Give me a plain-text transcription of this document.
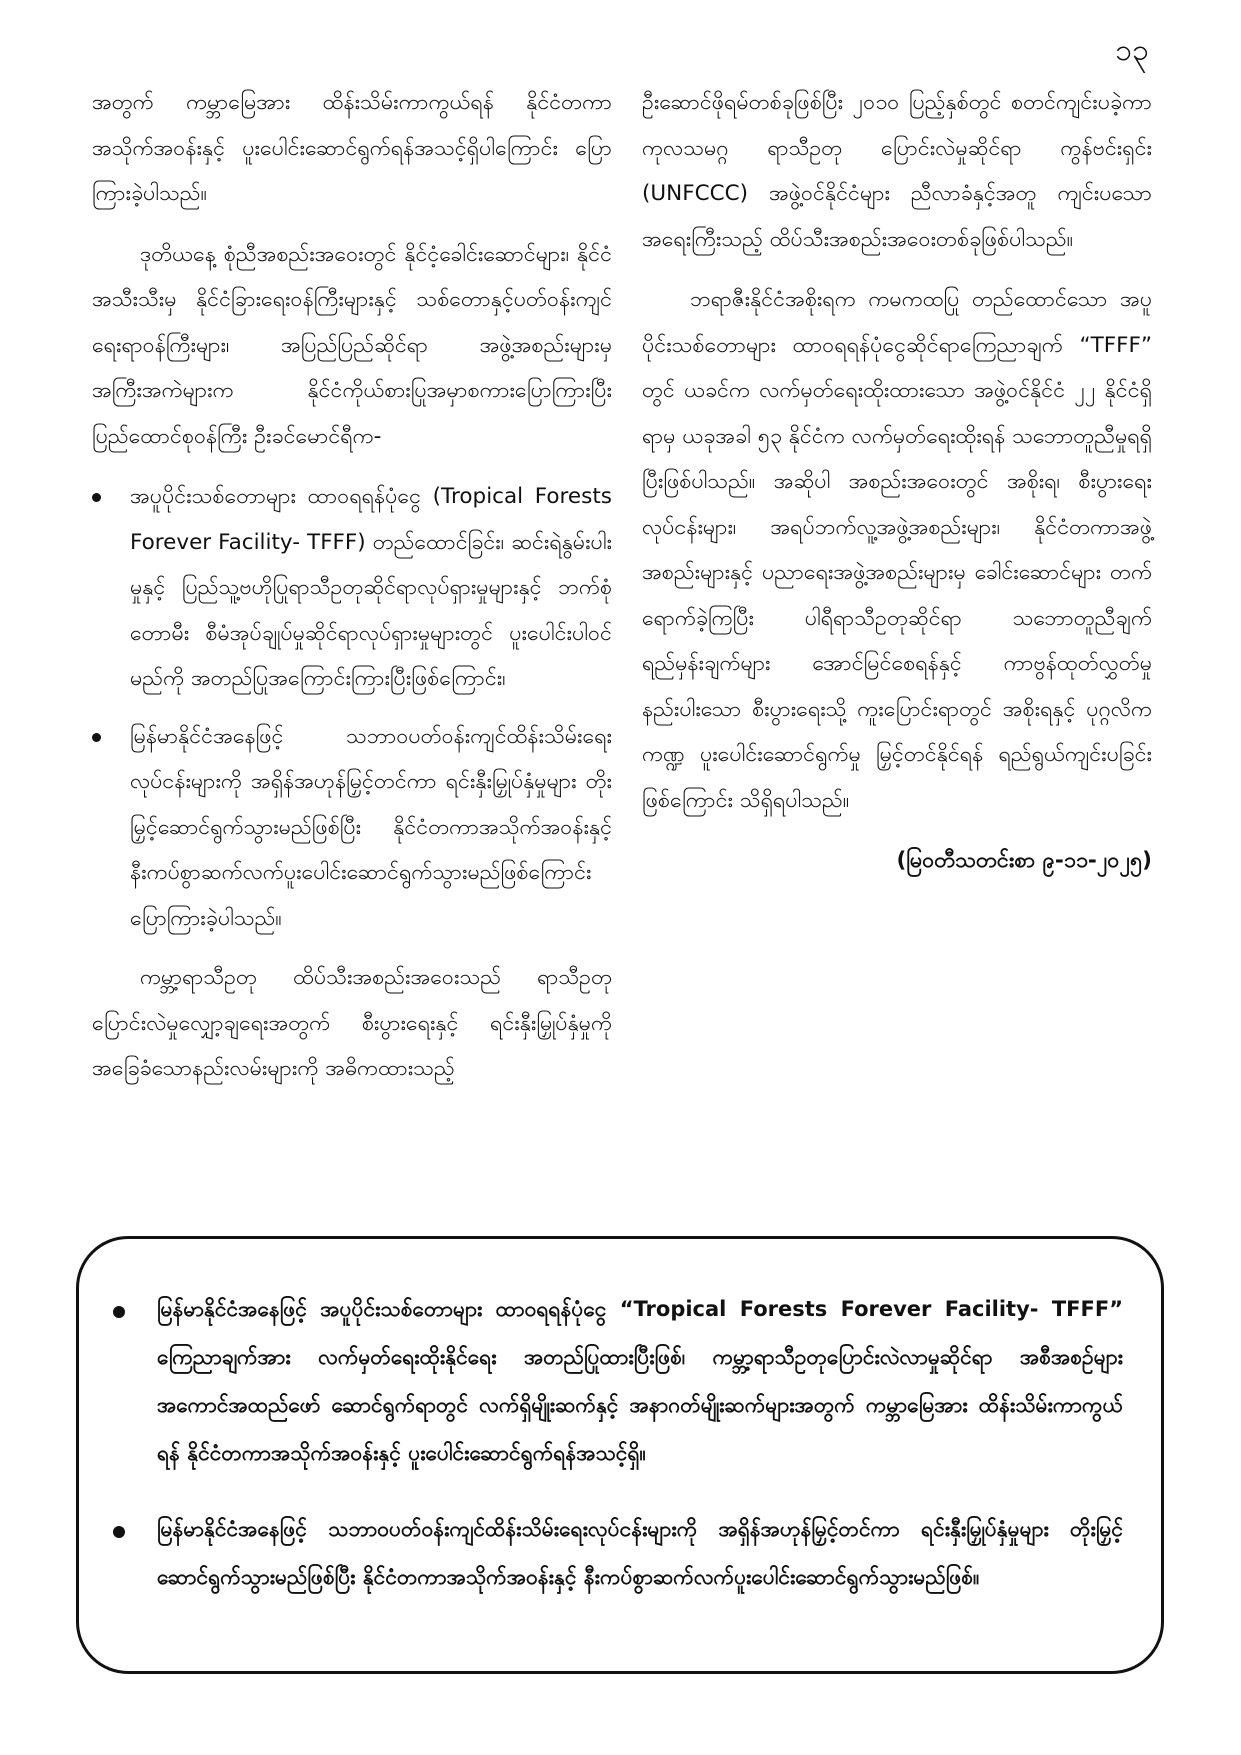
၁၃

အတွက် ကမ္ဘာမြေအား ထိန်းသိမ်းကာကွယ်ရန် နိုင်ငံတကာအသိုက်အဝန်းနှင့် ပူးပေါင်းဆောင်ရွက်ရန်အသင့်ရှိပါကြောင်း ပြောကြားခဲ့ပါသည်။

ဒုတိယနေ့ စုံညီအစည်းအဝေးတွင် နိုင်ငံ့ခေါင်းဆောင်များ၊ နိုင်ငံအသီးသီးမှ နိုင်ငံခြားရေးဝန်ကြီးများနှင့် သစ်တောနှင့်ပတ်ဝန်းကျင်ရေးရာဝန်ကြီးများ၊ အပြည်ပြည်ဆိုင်ရာ အဖွဲ့အစည်းများမှအကြီးအကဲများက နိုင်ငံကိုယ်စားပြုအမှာစကားပြောကြားပြီး ပြည်ထောင်စုဝန်ကြီး ဦးခင်မောင်ရီက-

အပူပိုင်းသစ်တောများ ထာဝရရန်ပုံငွေ (Tropical Forests Forever Facility- TFFF) တည်ထောင်ခြင်း၊ ဆင်းရဲနွမ်းပါးမှုနှင့် ပြည်သူ့ဗဟိုပြုရာသီဥတုဆိုင်ရာလုပ်ရှားမှုများနှင့် ဘက်စုံတောမီး စီမံအုပ်ချုပ်မှုဆိုင်ရာလုပ်ရှားမှုများတွင် ပူးပေါင်းပါဝင်မည်ကို အတည်ပြုအကြောင်းကြားပြီးဖြစ်ကြောင်း၊
မြန်မာနိုင်ငံအနေဖြင့် သဘာဝပတ်ဝန်းကျင်ထိန်းသိမ်းရေးလုပ်ငန်းများကို အရှိန်အဟုန်မြှင့်တင်ကာ ရင်းနှီးမြှုပ်နှံမှုများ တိုးမြှင့်ဆောင်ရွက်သွားမည်ဖြစ်ပြီး နိုင်ငံတကာအသိုက်အဝန်းနှင့် နီးကပ်စွာဆက်လက်ပူးပေါင်းဆောင်ရွက်သွားမည်ဖြစ်ကြောင်း ပြောကြားခဲ့ပါသည်။

ကမ္ဘာ့ရာသီဥတု ထိပ်သီးအစည်းအဝေးသည် ရာသီဥတုပြောင်းလဲမှုလျှော့ချရေးအတွက် စီးပွားရေးနှင့် ရင်းနှီးမြှုပ်နှံမှုကို အခြေခံသောနည်းလမ်းများကို အဓိကထားသည့်

ဦးဆောင်ဖိုရမ်တစ်ခုဖြစ်ပြီး ၂၀၁၀ ပြည့်နှစ်တွင် စတင်ကျင်းပခဲ့ကာ ကုလသမဂ္ဂ ရာသီဥတု ပြောင်းလဲမှုဆိုင်ရာ ကွန်ဗင်းရှင်း (UNFCCC) အဖွဲ့ဝင်နိုင်ငံများ ညီလာခံနှင့်အတူ ကျင်းပသော အရေးကြီးသည့် ထိပ်သီးအစည်းအဝေးတစ်ခုဖြစ်ပါသည်။

ဘရာဇီးနိုင်ငံအစိုးရက ကမကထပြု တည်ထောင်သော အပူပိုင်းသစ်တောများ ထာဝရရန်ပုံငွေဆိုင်ရာကြေညာချက် “TFFF” တွင် ယခင်က လက်မှတ်ရေးထိုးထားသော အဖွဲ့ဝင်နိုင်ငံ ၂၂ နိုင်ငံရှိရာမှ ယခုအခါ ၅၃ နိုင်ငံက လက်မှတ်ရေးထိုးရန် သဘောတူညီမှုရရှိပြီးဖြစ်ပါသည်။ အဆိုပါ အစည်းအဝေးတွင် အစိုးရ၊ စီးပွားရေးလုပ်ငန်းများ၊ အရပ်ဘက်လူ့အဖွဲ့အစည်းများ၊ နိုင်ငံတကာအဖွဲ့အစည်းများနှင့် ပညာရေးအဖွဲ့အစည်းများမှ ခေါင်းဆောင်များ တက်ရောက်ခဲ့ကြပြီး ပါရီရာသီဥတုဆိုင်ရာ သဘောတူညီချက်ရည်မှန်းချက်များ အောင်မြင်စေရန်နှင့် ကာဗွန်ထုတ်လွှတ်မှု နည်းပါးသော စီးပွားရေးသို့ ကူးပြောင်းရာတွင် အစိုးရနှင့် ပုဂ္ဂလိကကဏ္ဍ ပူးပေါင်းဆောင်ရွက်မှု မြှင့်တင်နိုင်ရန် ရည်ရွယ်ကျင်းပခြင်းဖြစ်ကြောင်း သိရှိရပါသည်။

(မြဝတီသတင်းစာ ၉-၁၁-၂၀၂၅)
မြန်မာနိုင်ငံအနေဖြင့် အပူပိုင်းသစ်တောများ ထာဝရရန်ပုံငွေ “Tropical Forests Forever Facility- TFFF” ကြေညာချက်အား လက်မှတ်ရေးထိုးနိုင်ရေး အတည်ပြုထားပြီးဖြစ်၊ ကမ္ဘာ့ရာသီဥတုပြောင်းလဲလာမှုဆိုင်ရာ အစီအစဉ်များ အကောင်အထည်ဖော် ဆောင်ရွက်ရာတွင် လက်ရှိမျိုးဆက်နှင့် အနာဂတ်မျိုးဆက်များအတွက် ကမ္ဘာမြေအား ထိန်းသိမ်းကာကွယ်ရန် နိုင်ငံတကာအသိုက်အဝန်းနှင့် ပူးပေါင်းဆောင်ရွက်ရန်အသင့်ရှိ။
မြန်မာနိုင်ငံအနေဖြင့် သဘာဝပတ်ဝန်းကျင်ထိန်းသိမ်းရေးလုပ်ငန်းများကို အရှိန်အဟုန်မြှင့်တင်ကာ ရင်းနှီးမြှုပ်နှံမှုများ တိုးမြှင့်ဆောင်ရွက်သွားမည်ဖြစ်ပြီး နိုင်ငံတကာအသိုက်အဝန်းနှင့် နီးကပ်စွာဆက်လက်ပူးပေါင်းဆောင်ရွက်သွားမည်ဖြစ်။
